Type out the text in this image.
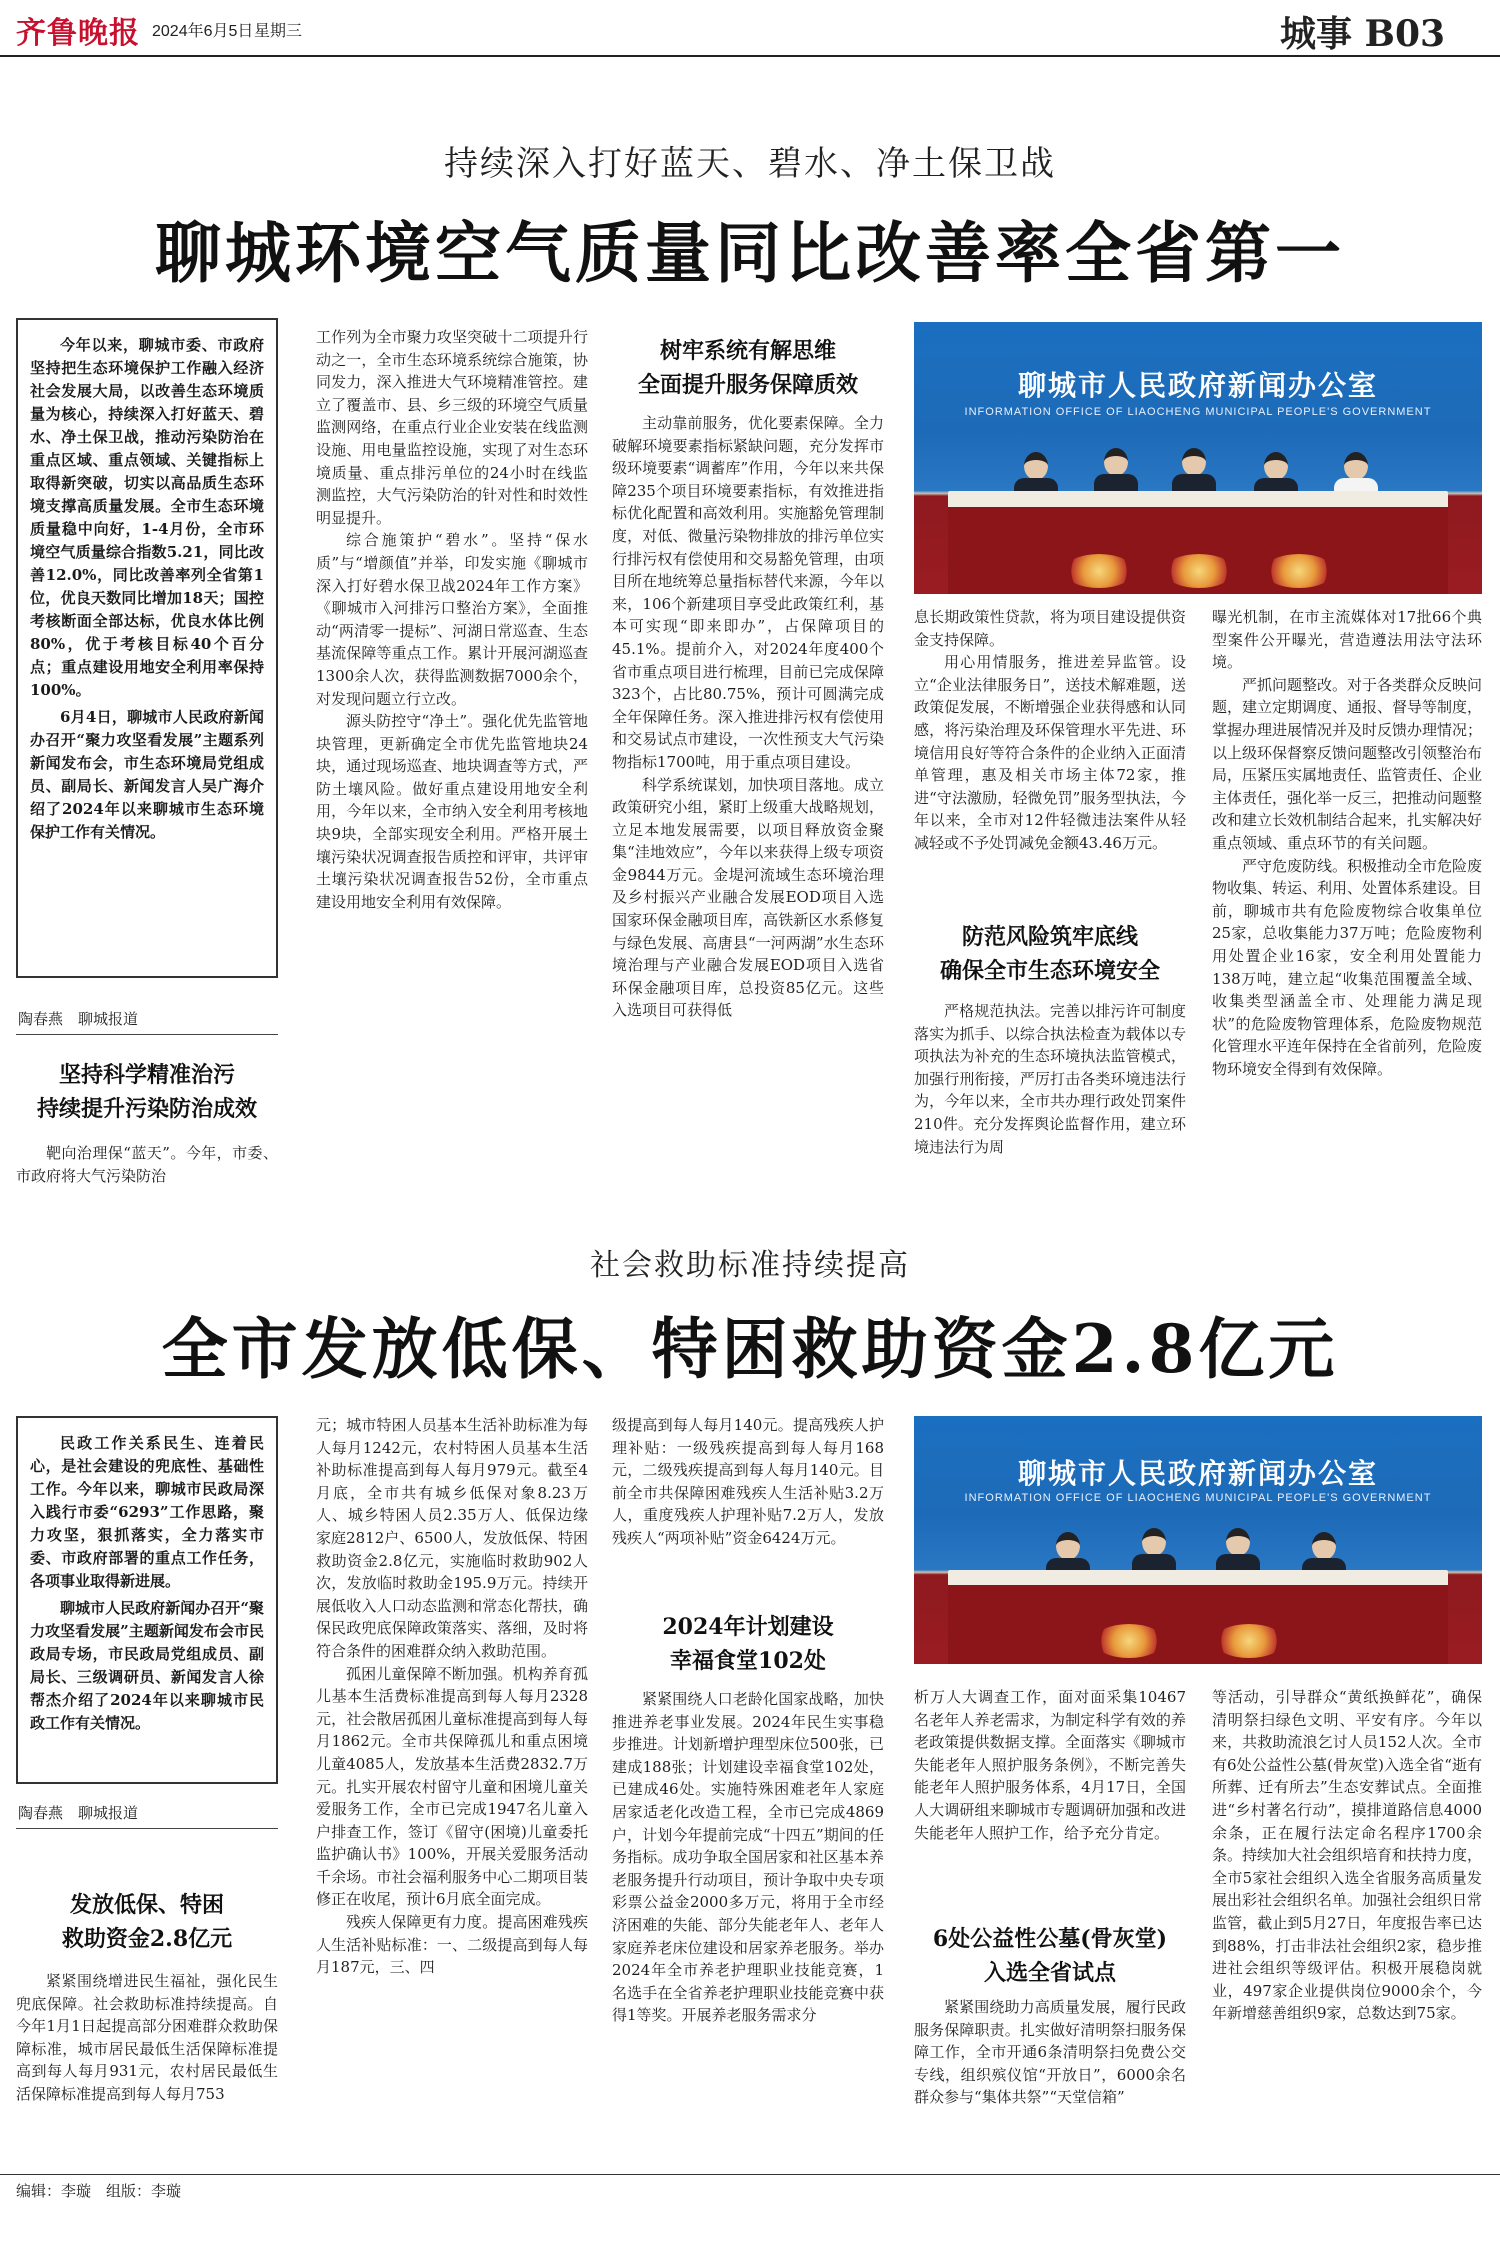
齐鲁晚报 2024年6月5日 星期三	城事 B03
持续深入打好蓝天、碧水、净土保卫战
聊城环境空气质量同比改善率全省第一

今年以来，聊城市委、市政府坚持把生态环境保护工作融入经济社会发展大局，以改善生态环境质量为核心，持续深入打好蓝天、碧水、净土保卫战，推动污染防治在重点区域、重点领域、关键指标上取得新突破，切实以高品质生态环境支撑高质量发展。全市生态环境质量稳中向好，1-4月份，全市环境空气质量综合指数5.21，同比改善12.0%，同比改善率列全省第1位，优良天数同比增加18天；国控考核断面全部达标，优良水体比例80%，优于考核目标40个百分点；重点建设用地安全利用率保持100%。

6月4日，聊城市人民政府新闻办召开“聚力攻坚看发展”主题系列新闻发布会，市生态环境局党组成员、副局长、新闻发言人吴广海介绍了2024年以来聊城市生态环境保护工作有关情况。

陶春燕　聊城报道
坚持科学精准治污
持续提升污染防治成效

靶向治理保“蓝天”。今年，市委、市政府将大气污染防治

工作列为全市聚力攻坚突破十二项提升行动之一，全市生态环境系统综合施策，协同发力，深入推进大气环境精准管控。建立了覆盖市、县、乡三级的环境空气质量监测网络，在重点行业企业安装在线监测设施、用电量监控设施，实现了对生态环境质量、重点排污单位的24小时在线监测监控，大气污染防治的针对性和时效性明显提升。

综合施策护“碧水”。坚持“保水质”与“增颜值”并举，印发实施《聊城市深入打好碧水保卫战2024年工作方案》《聊城市入河排污口整治方案》，全面推动“两清零一提标”、河湖日常巡查、生态基流保障等重点工作。累计开展河湖巡查1300余人次，获得监测数据7000余个，对发现问题立行立改。

源头防控守“净土”。强化优先监管地块管理，更新确定全市优先监管地块24块，通过现场巡查、地块调查等方式，严防土壤风险。做好重点建设用地安全利用，今年以来，全市纳入安全利用考核地块9块，全部实现安全利用。严格开展土壤污染状况调查报告质控和评审，共评审土壤污染状况调查报告52份，全市重点建设用地安全利用有效保障。

树牢系统有解思维
全面提升服务保障质效

主动靠前服务，优化要素保障。全力破解环境要素指标紧缺问题，充分发挥市级环境要素“调蓄库”作用，今年以来共保障235个项目环境要素指标，有效推进指标优化配置和高效利用。实施豁免管理制度，对低、微量污染物排放的排污单位实行排污权有偿使用和交易豁免管理，由项目所在地统筹总量指标替代来源，今年以来，106个新建项目享受此政策红利，基本可实现“即来即办”，占保障项目的45.1%。提前介入，对2024年度400个省市重点项目进行梳理，目前已完成保障323个，占比80.75%，预计可圆满完成全年保障任务。深入推进排污权有偿使用和交易试点市建设，一次性预支大气污染物指标1700吨，用于重点项目建设。

科学系统谋划，加快项目落地。成立政策研究小组，紧盯上级重大战略规划，立足本地发展需要，以项目释放资金聚集“洼地效应”，今年以来获得上级专项资金9844万元。金堤河流域生态环境治理及乡村振兴产业融合发展EOD项目入选国家环保金融项目库，高铁新区水系修复与绿色发展、高唐县“一河两湖”水生态环境治理与产业融合发展EOD项目入选省环保金融项目库，总投资85亿元。这些入选项目可获得低

聊城市人民政府新闻办公室
INFORMATION OFFICE OF LIAOCHENG MUNICIPAL PEOPLE'S GOVERNMENT

息长期政策性贷款，将为项目建设提供资金支持保障。

用心用情服务，推进差异监管。设立“企业法律服务日”，送技术解难题，送政策促发展，不断增强企业获得感和认同感，将污染治理及环保管理水平先进、环境信用良好等符合条件的企业纳入正面清单管理，惠及相关市场主体72家，推进“守法激励，轻微免罚”服务型执法，今年以来，全市对12件轻微违法案件从轻减轻或不予处罚减免金额43.46万元。

防范风险筑牢底线
确保全市生态环境安全

严格规范执法。完善以排污许可制度落实为抓手、以综合执法检查为载体以专项执法为补充的生态环境执法监管模式，加强行刑衔接，严厉打击各类环境违法行为，今年以来，全市共办理行政处罚案件210件。充分发挥舆论监督作用，建立环境违法行为周

曝光机制，在市主流媒体对17批66个典型案件公开曝光，营造遵法用法守法环境。

严抓问题整改。对于各类群众反映问题，建立定期调度、通报、督导等制度，掌握办理进展情况并及时反馈办理情况；以上级环保督察反馈问题整改引领整治布局，压紧压实属地责任、监管责任、企业主体责任，强化举一反三，把推动问题整改和建立长效机制结合起来，扎实解决好重点领域、重点环节的有关问题。

严守危废防线。积极推动全市危险废物收集、转运、利用、处置体系建设。目前，聊城市共有危险废物综合收集单位25家，总收集能力37万吨；危险废物利用处置企业16家，安全利用处置能力138万吨，建立起“收集范围覆盖全域、收集类型涵盖全市、处理能力满足现状”的危险废物管理体系，危险废物规范化管理水平连年保持在全省前列，危险废物环境安全得到有效保障。

社会救助标准持续提高
全市发放低保、特困救助资金2.8亿元

民政工作关系民生、连着民心，是社会建设的兜底性、基础性工作。今年以来，聊城市民政局深入践行市委“6293”工作思路，聚力攻坚，狠抓落实，全力落实市委、市政府部署的重点工作任务，各项事业取得新进展。

聊城市人民政府新闻办召开“聚力攻坚看发展”主题新闻发布会市民政局专场，市民政局党组成员、副局长、三级调研员、新闻发言人徐帮杰介绍了2024年以来聊城市民政工作有关情况。

陶春燕　聊城报道
发放低保、特困
救助资金2.8亿元

紧紧围绕增进民生福祉，强化民生兜底保障。社会救助标准持续提高。自今年1月1日起提高部分困难群众救助保障标准，城市居民最低生活保障标准提高到每人每月931元，农村居民最低生活保障标准提高到每人每月753

元；城市特困人员基本生活补助标准为每人每月1242元，农村特困人员基本生活补助标准提高到每人每月979元。截至4月底，全市共有城乡低保对象8.23万人、城乡特困人员2.35万人、低保边缘家庭2812户、6500人，发放低保、特困救助资金2.8亿元，实施临时救助902人次，发放临时救助金195.9万元。持续开展低收入人口动态监测和常态化帮扶，确保民政兜底保障政策落实、落细，及时将符合条件的困难群众纳入救助范围。

孤困儿童保障不断加强。机构养育孤儿基本生活费标准提高到每人每月2328元，社会散居孤困儿童标准提高到每人每月1862元。全市共保障孤儿和重点困境儿童4085人，发放基本生活费2832.7万元。扎实开展农村留守儿童和困境儿童关爱服务工作，全市已完成1947名儿童入户排查工作，签订《留守(困境)儿童委托监护确认书》100%，开展关爱服务活动千余场。市社会福利服务中心二期项目装修正在收尾，预计6月底全面完成。

残疾人保障更有力度。提高困难残疾人生活补贴标准：一、二级提高到每人每月187元，三、四

级提高到每人每月140元。提高残疾人护理补贴：一级残疾提高到每人每月168元，二级残疾提高到每人每月140元。目前全市共保障困难残疾人生活补贴3.2万人，重度残疾人护理补贴7.2万人，发放残疾人“两项补贴”资金6424万元。

2024年计划建设
幸福食堂102处

紧紧围绕人口老龄化国家战略，加快推进养老事业发展。2024年民生实事稳步推进。计划新增护理型床位500张，已建成188张；计划建设幸福食堂102处，已建成46处。实施特殊困难老年人家庭居家适老化改造工程，全市已完成4869户，计划今年提前完成“十四五”期间的任务指标。成功争取全国居家和社区基本养老服务提升行动项目，预计争取中央专项彩票公益金2000多万元，将用于全市经济困难的失能、部分失能老年人、老年人家庭养老床位建设和居家养老服务。举办2024年全市养老护理职业技能竞赛，1名选手在全省养老护理职业技能竞赛中获得1等奖。开展养老服务需求分

聊城市人民政府新闻办公室
INFORMATION OFFICE OF LIAOCHENG MUNICIPAL PEOPLE'S GOVERNMENT

析万人大调查工作，面对面采集10467名老年人养老需求，为制定科学有效的养老政策提供数据支撑。全面落实《聊城市失能老年人照护服务条例》，不断完善失能老年人照护服务体系，4月17日，全国人大调研组来聊城市专题调研加强和改进失能老年人照护工作，给予充分肯定。

6处公益性公墓(骨灰堂)
入选全省试点

紧紧围绕助力高质量发展，履行民政服务保障职责。扎实做好清明祭扫服务保障工作，全市开通6条清明祭扫免费公交专线，组织殡仪馆“开放日”，6000余名群众参与“集体共祭”“天堂信箱”

等活动，引导群众“黄纸换鲜花”，确保清明祭扫绿色文明、平安有序。今年以来，共救助流浪乞讨人员152人次。全市有6处公益性公墓(骨灰堂)入选全省“逝有所葬、迁有所去”生态安葬试点。全面推进“乡村著名行动”，摸排道路信息4000余条，正在履行法定命名程序1700余条。持续加大社会组织培育和扶持力度，全市5家社会组织入选全省服务高质量发展出彩社会组织名单。加强社会组织日常监管，截止到5月27日，年度报告率已达到88%，打击非法社会组织2家，稳步推进社会组织等级评估。积极开展稳岗就业，497家企业提供岗位9000余个，今年新增慈善组织9家，总数达到75家。

编辑：李璇　组版：李璇
